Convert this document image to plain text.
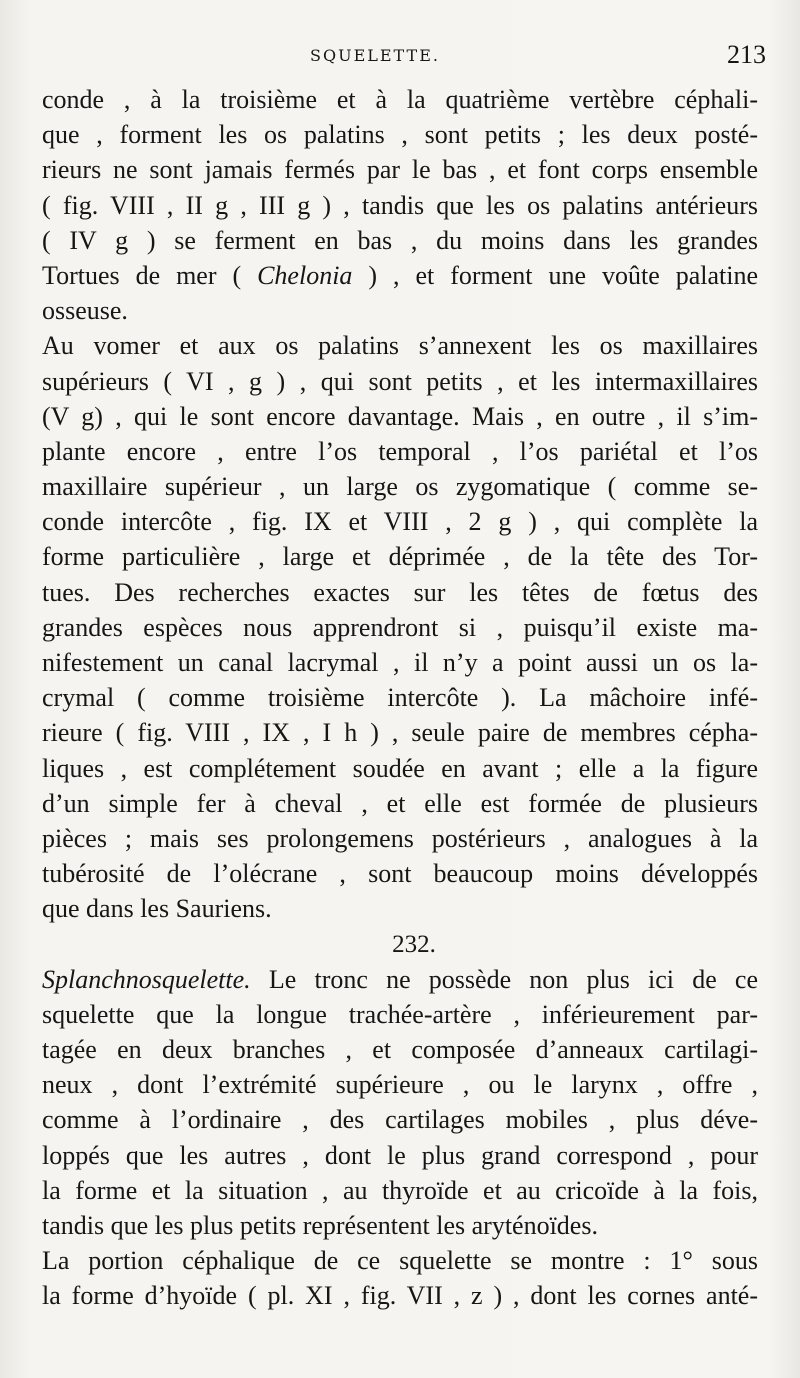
SQUELETTE.	213
conde , à la troisième et à la quatrième vertèbre céphali-
que , forment les os palatins , sont petits ; les deux posté-
rieurs ne sont jamais fermés par le bas , et font corps ensemble
( fig. VIII , II g , III g ) , tandis que les os palatins antérieurs
( IV g ) se ferment en bas , du moins dans les grandes
Tortues de mer ( Chelonia ) , et forment une voûte palatine
osseuse.
Au vomer et aux os palatins s’annexent les os maxillaires
supérieurs ( VI , g ) , qui sont petits , et les intermaxillaires
(V g) , qui le sont encore davantage. Mais , en outre , il s’im-
plante encore , entre l’os temporal , l’os pariétal et l’os
maxillaire supérieur , un large os zygomatique ( comme se-
conde intercôte , fig. IX et VIII , 2 g ) , qui complète la
forme particulière , large et déprimée , de la tête des Tor-
tues. Des recherches exactes sur les têtes de fœtus des
grandes espèces nous apprendront si , puisqu’il existe ma-
nifestement un canal lacrymal , il n’y a point aussi un os la-
crymal ( comme troisième intercôte ). La mâchoire infé-
rieure ( fig. VIII , IX , I h ) , seule paire de membres cépha-
liques , est complétement soudée en avant ; elle a la figure
d’un simple fer à cheval , et elle est formée de plusieurs
pièces ; mais ses prolongemens postérieurs , analogues à la
tubérosité de l’olécrane , sont beaucoup moins développés
que dans les Sauriens.
232.
Splanchnosquelette. Le tronc ne possède non plus ici de ce
squelette que la longue trachée-artère , inférieurement par-
tagée en deux branches , et composée d’anneaux cartilagi-
neux , dont l’extrémité supérieure , ou le larynx , offre ,
comme à l’ordinaire , des cartilages mobiles , plus déve-
loppés que les autres , dont le plus grand correspond , pour
la forme et la situation , au thyroïde et au cricoïde à la fois,
tandis que les plus petits représentent les aryténoïdes.
La portion céphalique de ce squelette se montre : 1° sous
la forme d’hyoïde ( pl. XI , fig. VII , z ) , dont les cornes anté-
